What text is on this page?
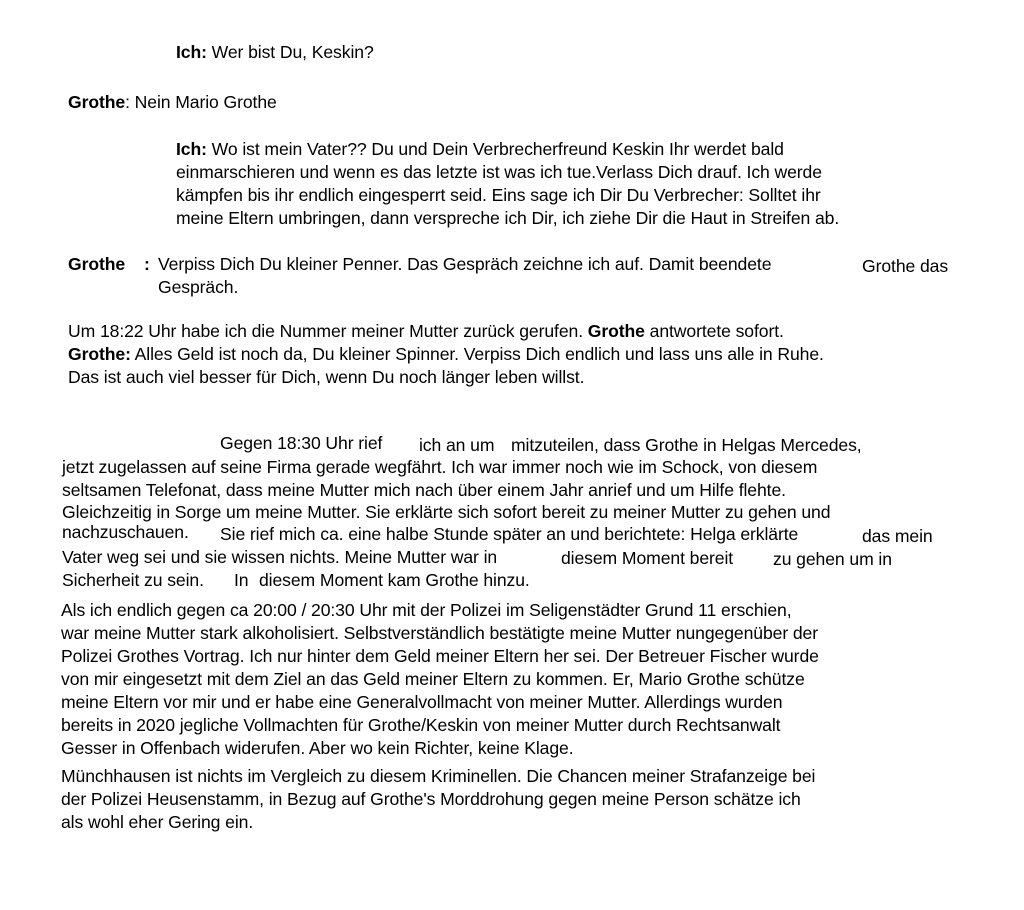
Ich: Wer bist Du, Keskin?
Grothe: Nein Mario Grothe
Ich: Wo ist mein Vater?? Du und Dein Verbrecherfreund Keskin Ihr werdet bald
einmarschieren und wenn es das letzte ist was ich tue.Verlass Dich drauf. Ich werde
kämpfen bis ihr endlich eingesperrt seid. Eins sage ich Dir Du Verbrecher: Solltet ihr
meine Eltern umbringen, dann verspreche ich Dir, ich ziehe Dir die Haut in Streifen ab.
Grothe : Verpiss Dich Du kleiner Penner. Das Gespräch zeichne ich auf. Damit beendete	Grothe das
Gespräch.
Um 18:22 Uhr habe ich die Nummer meiner Mutter zurück gerufen. Grothe antwortete sofort.
Grothe: Alles Geld ist noch da, Du kleiner Spinner. Verpiss Dich endlich und lass uns alle in Ruhe.
Das ist auch viel besser für Dich, wenn Du noch länger leben willst.
Gegen 18:30 Uhr rief ich an um mitzuteilen, dass Grothe in Helgas Mercedes,
jetzt zugelassen auf seine Firma gerade wegfährt. Ich war immer noch wie im Schock, von diesem
seltsamen Telefonat, dass meine Mutter mich nach über einem Jahr anrief und um Hilfe flehte.
Gleichzeitig in Sorge um meine Mutter. Sie erklärte sich sofort bereit zu meiner Mutter zu gehen und
nachzuschauen. Sie rief mich ca. eine halbe Stunde später an und berichtete: Helga erklärte	das mein
Vater weg sei und sie wissen nichts. Meine Mutter war in	diesem Moment bereit zu gehen um in
Sicherheit zu sein. In diesem Moment kam Grothe hinzu.
Als ich endlich gegen ca 20:00 / 20:30 Uhr mit der Polizei im Seligenstädter Grund 11 erschien,
war meine Mutter stark alkoholisiert. Selbstverständlich bestätigte meine Mutter nungegenüber der
Polizei Grothes Vortrag. Ich nur hinter dem Geld meiner Eltern her sei. Der Betreuer Fischer wurde
von mir eingesetzt mit dem Ziel an das Geld meiner Eltern zu kommen. Er, Mario Grothe schütze
meine Eltern vor mir und er habe eine Generalvollmacht von meiner Mutter. Allerdings wurden
bereits in 2020 jegliche Vollmachten für Grothe/Keskin von meiner Mutter durch Rechtsanwalt
Gesser in Offenbach widerufen. Aber wo kein Richter, keine Klage.
Münchhausen ist nichts im Vergleich zu diesem Kriminellen. Die Chancen meiner Strafanzeige bei
der Polizei Heusenstamm, in Bezug auf Grothe's Morddrohung gegen meine Person schätze ich
als wohl eher Gering ein.
